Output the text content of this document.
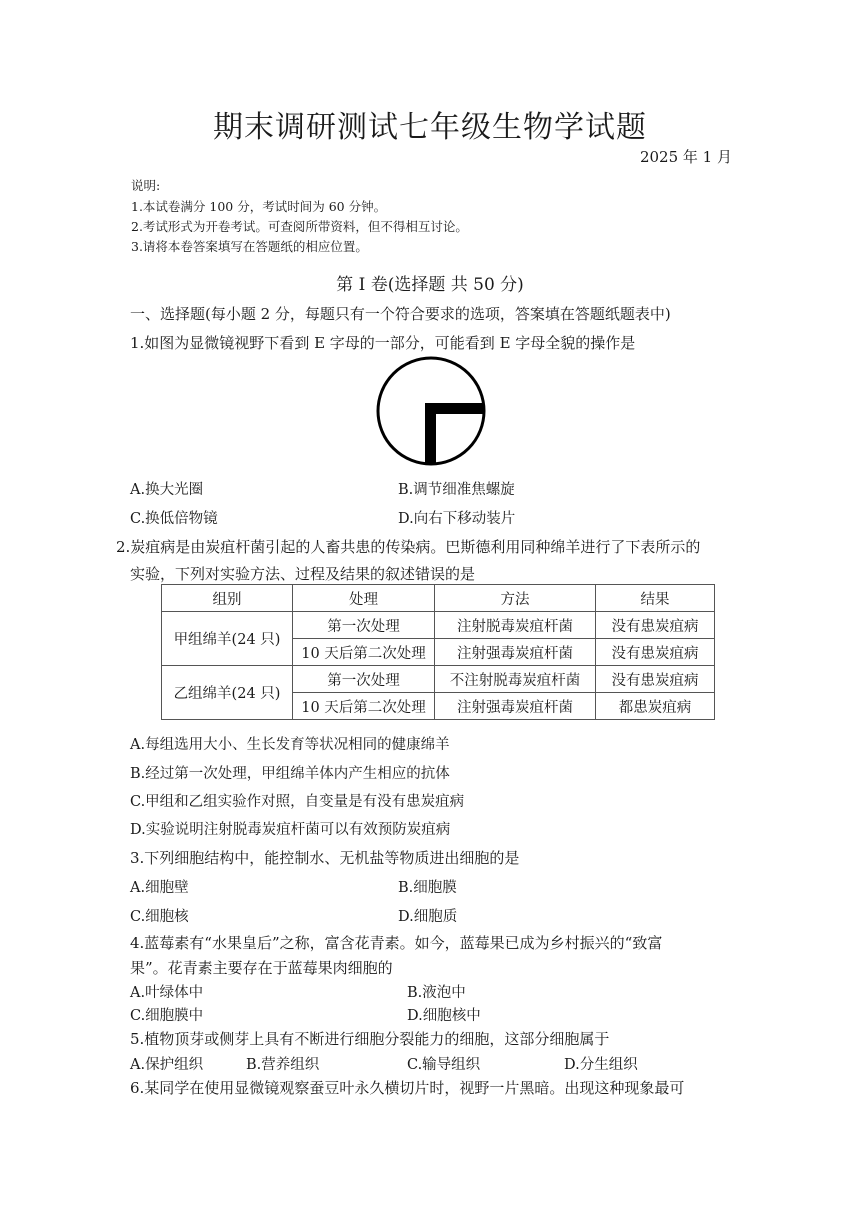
期末调研测试七年级生物学试题
2025 年 1 月
说明:
1.本试卷满分 100 分，考试时间为 60 分钟。
2.考试形式为开卷考试。可查阅所带资料，但不得相互讨论。
3.请将本卷答案填写在答题纸的相应位置。
第 I 卷(选择题 共 50 分)
一、选择题(每小题 2 分，每题只有一个符合要求的选项，答案填在答题纸题表中)
1.如图为显微镜视野下看到 E 字母的一部分，可能看到 E 字母全貌的操作是
A.换大光圈	B.调节细准焦螺旋
C.换低倍物镜	D.向右下移动装片
2.炭疽病是由炭疽杆菌引起的人畜共患的传染病。巴斯德利用同种绵羊进行了下表所示的
实验，下列对实验方法、过程及结果的叙述错误的是
组别	处理	方法	结果
甲组绵羊(24 只)	第一次处理	注射脱毒炭疽杆菌	没有患炭疽病
	10 天后第二次处理	注射强毒炭疽杆菌	没有患炭疽病
乙组绵羊(24 只)	第一次处理	不注射脱毒炭疽杆菌	没有患炭疽病
	10 天后第二次处理	注射强毒炭疽杆菌	都患炭疽病
A.每组选用大小、生长发育等状况相同的健康绵羊
B.经过第一次处理，甲组绵羊体内产生相应的抗体
C.甲组和乙组实验作对照，自变量是有没有患炭疽病
D.实验说明注射脱毒炭疽杆菌可以有效预防炭疽病
3.下列细胞结构中，能控制水、无机盐等物质进出细胞的是
A.细胞壁	B.细胞膜
C.细胞核	D.细胞质
4.蓝莓素有“水果皇后”之称，富含花青素。如今，蓝莓果已成为乡村振兴的“致富
果”。花青素主要存在于蓝莓果肉细胞的
A.叶绿体中	B.液泡中
C.细胞膜中	D.细胞核中
5.植物顶芽或侧芽上具有不断进行细胞分裂能力的细胞，这部分细胞属于
A.保护组织	B.营养组织	C.输导组织	D.分生组织
6.某同学在使用显微镜观察蚕豆叶永久横切片时，视野一片黑暗。出现这种现象最可
